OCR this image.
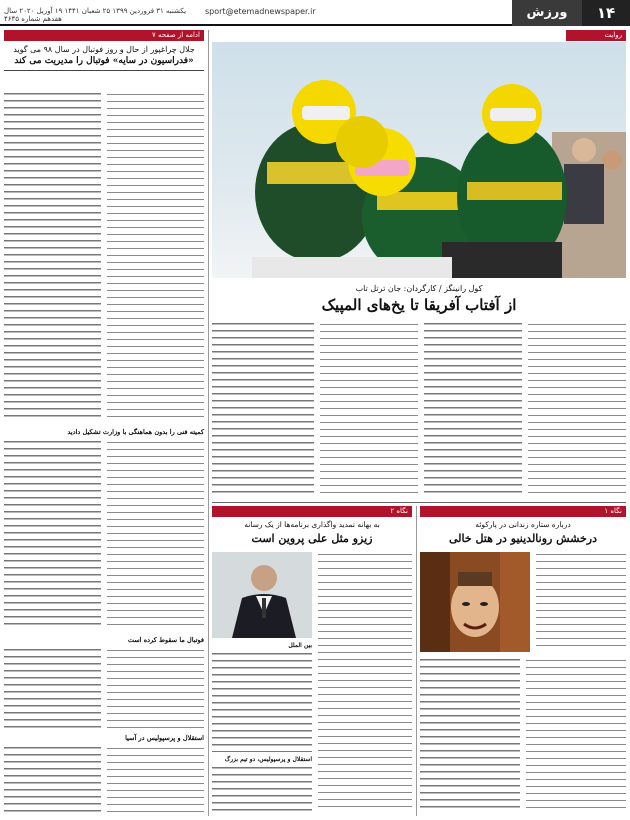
۱۴
ورزش
sport@etemadnewspaper.ir
یکشنبه ۳۱ فروردین ۱۳۹۹ ۲۵ شعبان ۱۴۴۱ ۱۹ آوریل ۲۰۲۰ سال هفدهم شماره ۴۶۴۵
ادامه از صفحه ۷
جلال چراغپور از حال و روز فوتبال در سال ۹۸ می گوید
«فدراسیون در سایه» فوتبال را مدیریت می کند
کمیته فنی را بدون هماهنگی با وزارت تشکیل دادید
فوتبال ما سقوط کرده است
استقلال و پرسپولیس در آسیا
روایت
کول رانینگز / کارگردان: جان ترتل تاب
از آفتاب آفریقا تا یخ‌های المپیک
نگاه ۱
درباره ستاره زندانی در پارکوئه
درخشش رونالدینیو در هتل خالی
نگاه ۲
به بهانه تمدید واگذاری برنامه‌ها از یک رسانه
زیزو مثل علی پروین است
بین الملل
استقلال و پرسپولیس، دو تیم بزرگ
